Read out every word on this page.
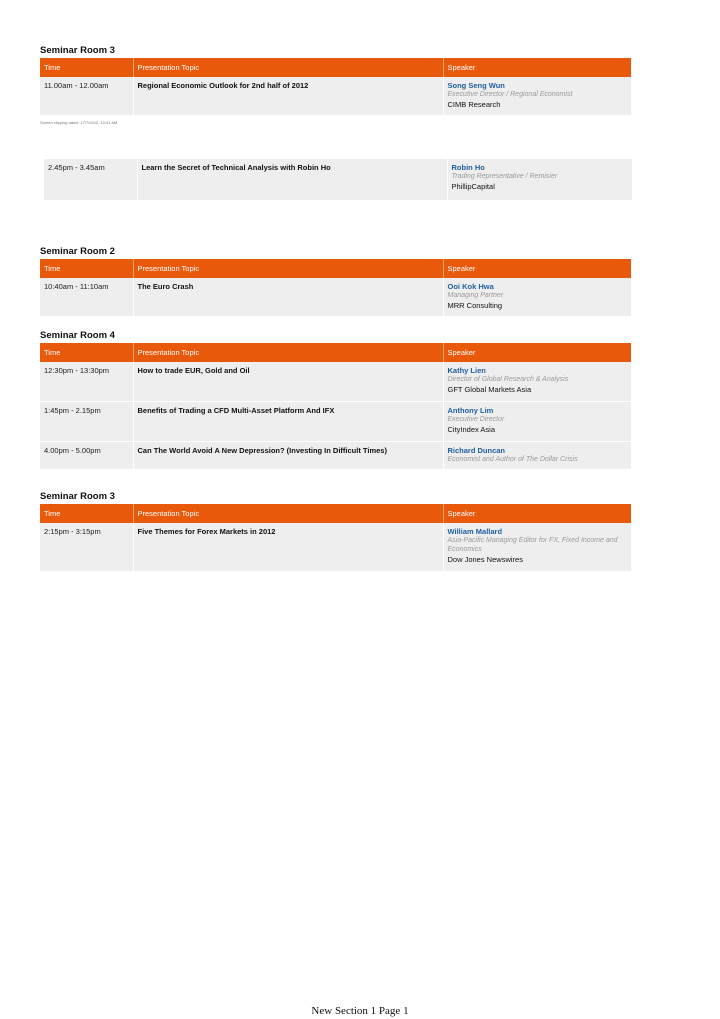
Seminar Room 3
Time	Presentation Topic	Speaker
11.00am - 12.00am	Regional Economic Outlook for 2nd half of 2012	Song Seng Wun
Executive Director / Regional Economist
CIMB Research
Screen clipping taken: 17/7/2012, 10:41 AM
2.45pm - 3.45am	Learn the Secret of Technical Analysis with Robin Ho	Robin Ho
Trading Representative / Remisier
PhillipCapital
Seminar Room 2
Time	Presentation Topic	Speaker
10:40am - 11:10am	The Euro Crash	Ooi Kok Hwa
Managing Partner
MRR Consulting
Seminar Room 4
Time	Presentation Topic	Speaker
12:30pm - 13:30pm	How to trade EUR, Gold and Oil	Kathy Lien
Director of Global Research & Analysis
GFT Global Markets Asia

1:45pm - 2.15pm	Benefits of Trading a CFD Multi-Asset Platform And IFX	Anthony Lim
Executive Director
CityIndex Asia

4.00pm - 5.00pm	Can The World Avoid A New Depression? (Investing In Difficult Times)	Richard Duncan
Economist and Author of The Dollar Crisis
Seminar Room 3
Time	Presentation Topic	Speaker
2:15pm - 3:15pm	Five Themes for Forex Markets in 2012	William Mallard
Asia-Pacific Managing Editor for FX, Fixed Income and Economics
Dow Jones Newswires
New Section 1 Page 1
